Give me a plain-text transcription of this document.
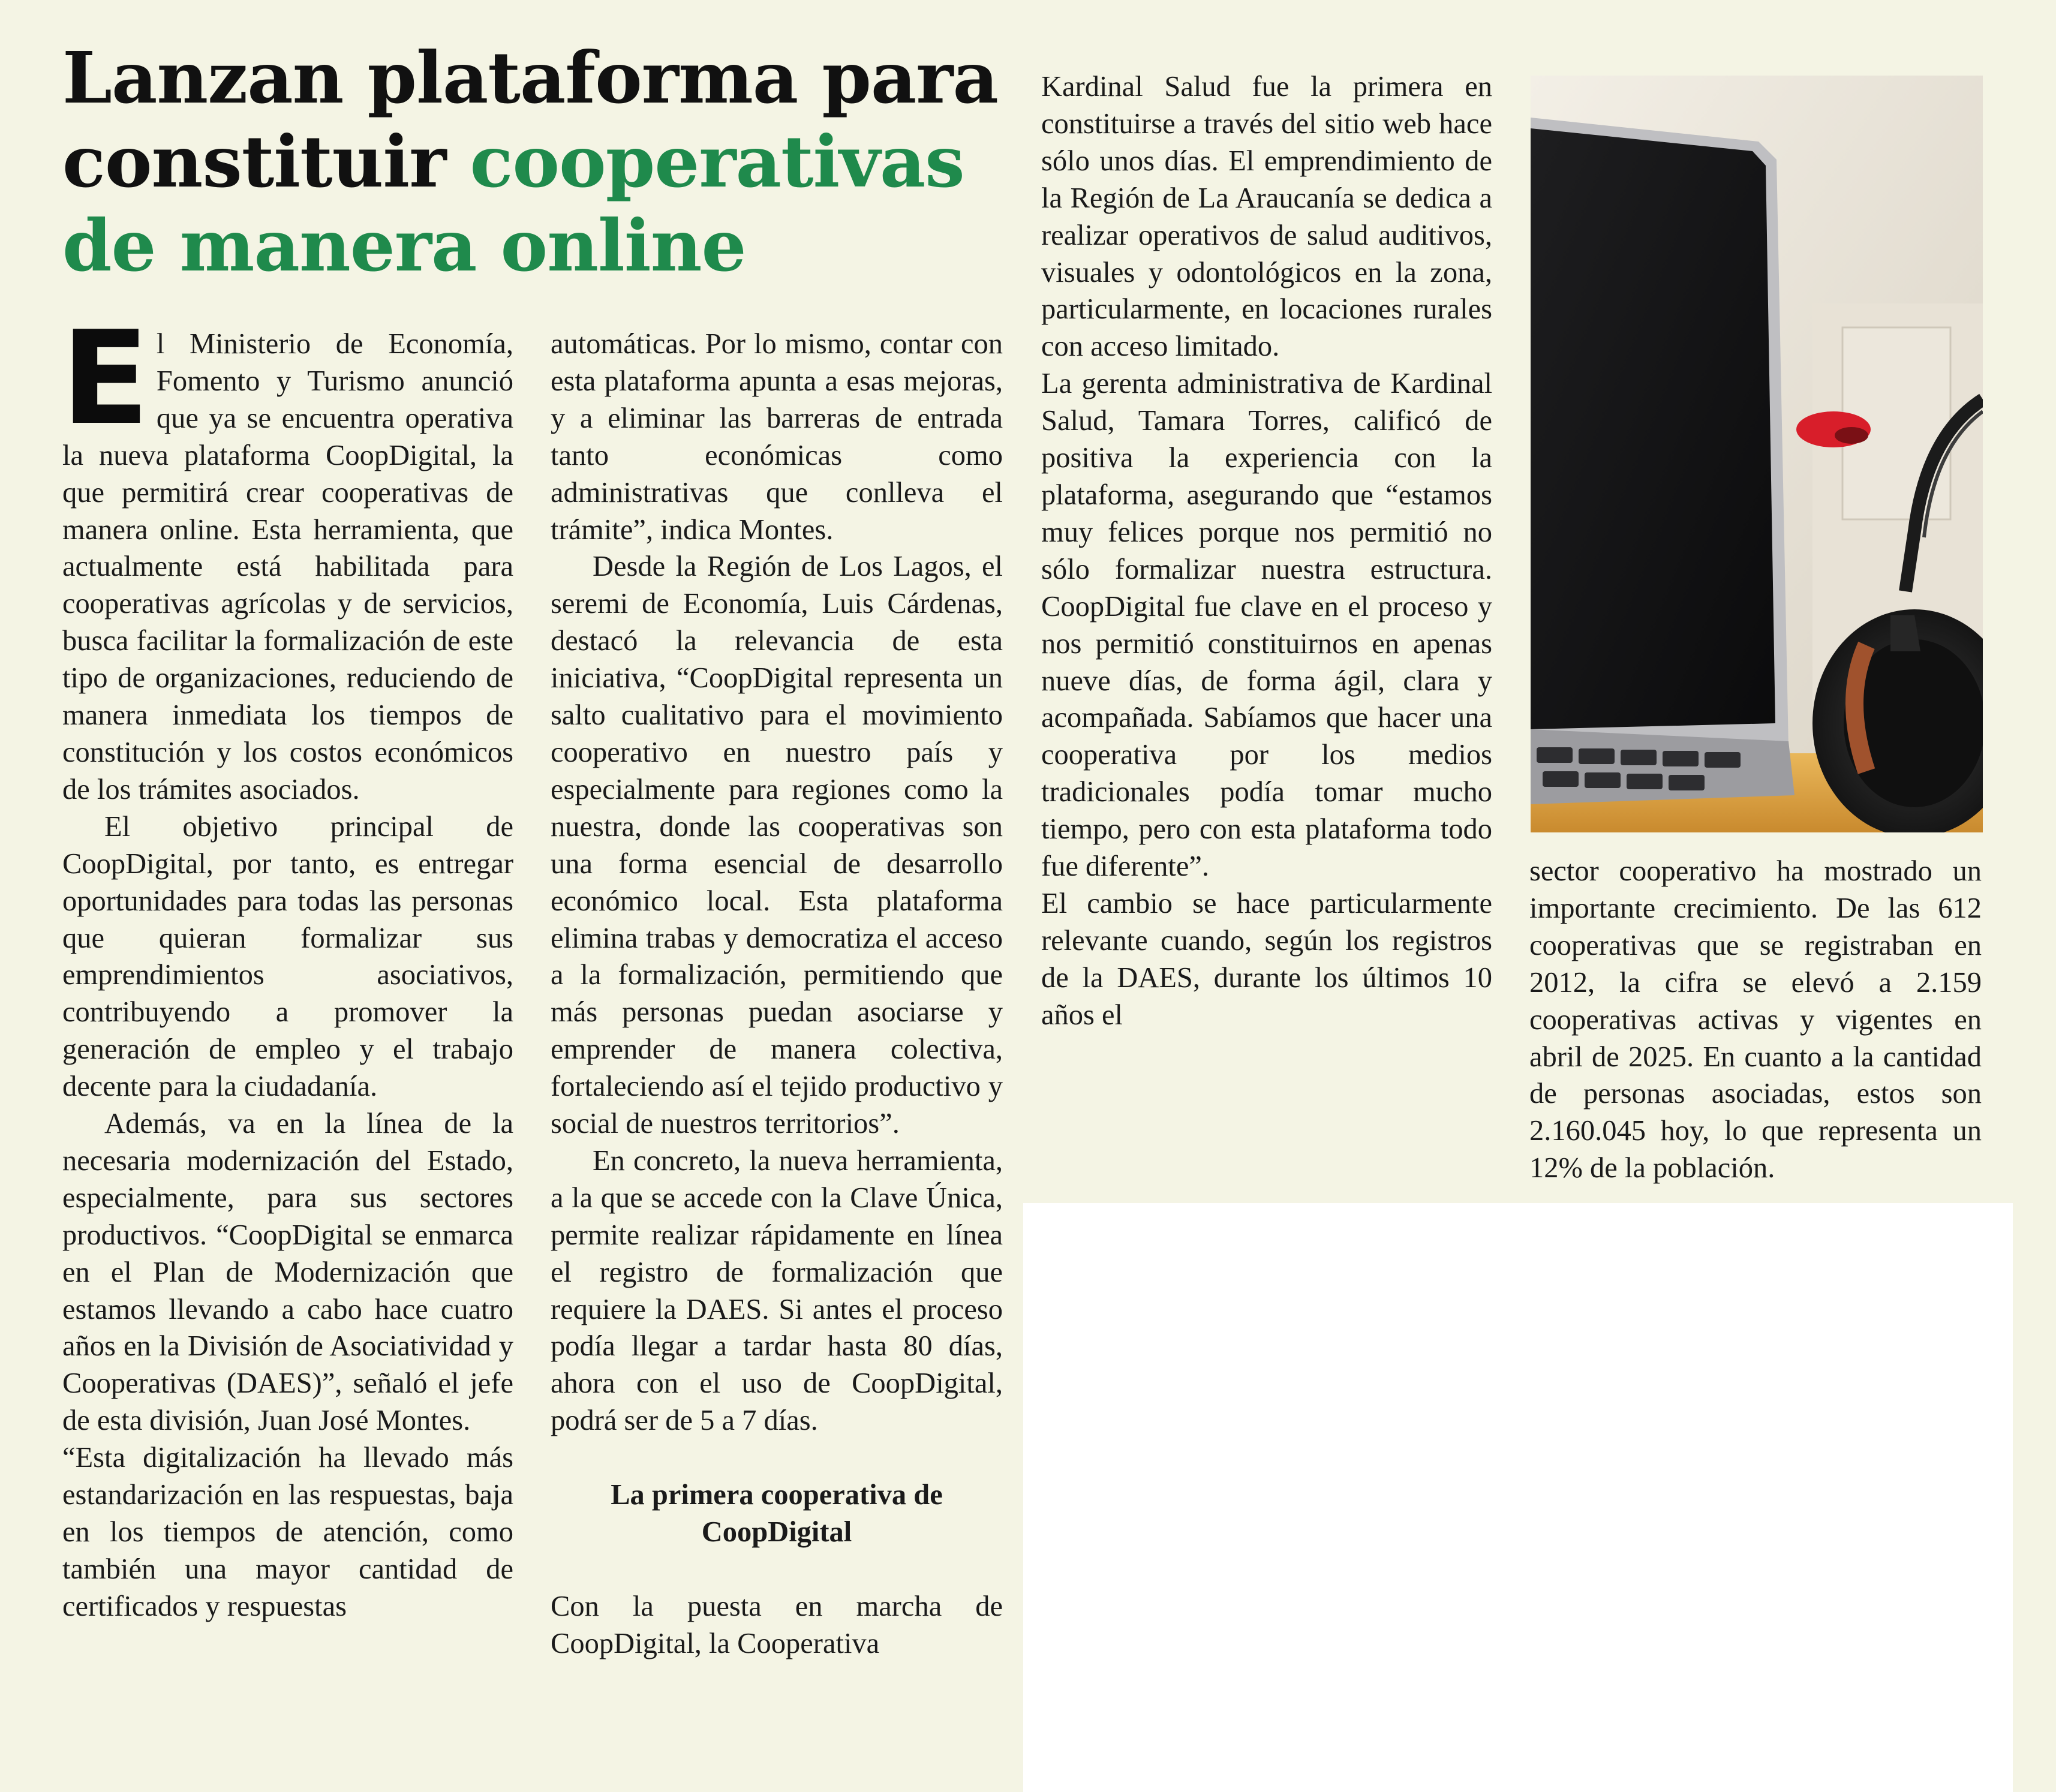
Lanzan plataforma para constituir cooperativas de manera online

El Ministerio de Economía, Fomento y Turismo anunció que ya se encuentra operativa la nueva plataforma CoopDigital, la que permitirá crear cooperativas de manera online. Esta herramienta, que actualmente está habilitada para cooperativas agrícolas y de servicios, busca facilitar la formalización de este tipo de organizaciones, reduciendo de manera inmediata los tiempos de constitución y los costos económicos de los trámites asociados.

El objetivo principal de CoopDigital, por tanto, es entregar oportunidades para todas las personas que quieran formalizar sus emprendimientos asociativos, contribuyendo a promover la generación de empleo y el trabajo decente para la ciudadanía.

Además, va en la línea de la necesaria modernización del Estado, especialmente, para sus sectores productivos. “CoopDigital se enmarca en el Plan de Modernización que estamos llevando a cabo hace cuatro años en la División de Asociatividad y Cooperativas (DAES)”, señaló el jefe de esta división, Juan José Montes.

“Esta digitalización ha llevado más estandarización en las respuestas, baja en los tiempos de atención, como también una mayor cantidad de certificados y respuestas

automáticas. Por lo mismo, contar con esta plataforma apunta a esas mejoras, y a eliminar las barreras de entrada tanto económicas como administrativas que conlleva el trámite”, indica Montes.

Desde la Región de Los Lagos, el seremi de Economía, Luis Cárdenas, destacó la relevancia de esta iniciativa, “CoopDigital representa un salto cualitativo para el movimiento cooperativo en nuestro país y especialmente para regiones como la nuestra, donde las cooperativas son una forma esencial de desarrollo económico local. Esta plataforma elimina trabas y democratiza el acceso a la formalización, permitiendo que más personas puedan asociarse y emprender de manera colectiva, fortaleciendo así el tejido productivo y social de nuestros territorios”.

En concreto, la nueva herramienta, a la que se accede con la Clave Única, permite realizar rápidamente en línea el registro de formalización que requiere la DAES. Si antes el proceso podía llegar a tardar hasta 80 días, ahora con el uso de CoopDigital, podrá ser de 5 a 7 días.

La primera cooperativa de CoopDigital

Con la puesta en marcha de CoopDigital, la Cooperativa

Kardinal Salud fue la primera en constituirse a través del sitio web hace sólo unos días. El emprendimiento de la Región de La Araucanía se dedica a realizar operativos de salud auditivos, visuales y odontológicos en la zona, particularmente, en locaciones rurales con acceso limitado.

La gerenta administrativa de Kardinal Salud, Tamara Torres, calificó de positiva la experiencia con la plataforma, asegurando que “estamos muy felices porque nos permitió no sólo formalizar nuestra estructura. CoopDigital fue clave en el proceso y nos permitió constituirnos en apenas nueve días, de forma ágil, clara y acompañada. Sabíamos que hacer una cooperativa por los medios tradicionales podía tomar mucho tiempo, pero con esta plataforma todo fue diferente”.

El cambio se hace particularmente relevante cuando, según los registros de la DAES, durante los últimos 10 años el

sector cooperativo ha mostrado un importante crecimiento. De las 612 cooperativas que se registraban en 2012, la cifra se elevó a 2.159 cooperativas activas y vigentes en abril de 2025. En cuanto a la cantidad de personas asociadas, estos son 2.160.045 hoy, lo que representa un 12% de la población.
